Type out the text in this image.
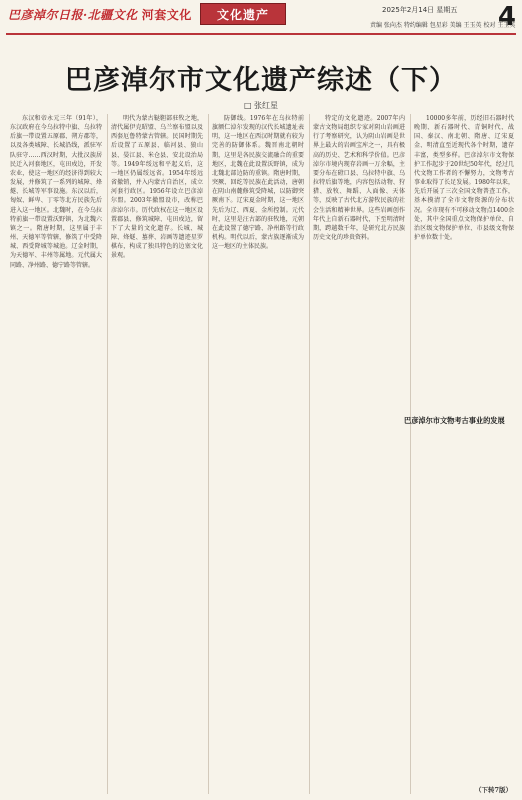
巴彦淖尔日报·北疆文化 河套文化	文化遗产	2025年2月14日 星期五
责编 张向杰 特约编辑 包星彩 美编 王玉英 校对 王玉英
4
巴彦淖尔市文化遗产综述（下）
□ 张红星

东汉和帝永元三年（91年），东汉政府在今乌拉特中旗、乌拉特后旗一带设置五原郡、朔方郡等，以及各类城障、长城沿线，派驻军队驻守……西汉时期，大批汉族居民迁入河套地区，屯田戍边，开发农业，使这一地区的经济得到较大发展，并修筑了一系列的城障、烽燧、长城等军事设施。东汉以后，匈奴、鲜卑、丁零等北方民族先后进入这一地区。北魏时，在今乌拉特前旗一带设置沃野镇，为北魏六镇之一。隋唐时期，这里属于丰州、天德军等管辖，修筑了中受降城、西受降城等城池。辽金时期，为天德军、丰州等属地。元代属大同路、净州路、德宁路等管辖。

明代为蒙古鞑靼部驻牧之地，清代属伊克昭盟、乌兰察布盟以及西套厄鲁特蒙古管辖。民国时期先后设置了五原县、临河县、狼山县、晏江县、米仓县、安北设治局等。1949年绥远和平起义后，这一地区仍属绥远省。1954年绥远省撤销，并入内蒙古自治区，成立河套行政区。1956年设立巴彦淖尔盟。2003年撤盟设市，改称巴彦淖尔市。历代政权在这一地区设置郡县、修筑城障、屯田戍边，留下了大量的文化遗存。长城、城障、烽燧、墓葬、岩画等遗迹星罗棋布，构成了独具特色的边塞文化景观。

防御线。1976年在乌拉特前旗额仁淖尔发现的汉代长城遗址表明，这一地区在西汉时期就有较为完善的防御体系。魏晋南北朝时期，这里是各民族交流融合的重要地区，北魏在此设置沃野镇，成为北魏北部边防的重镇。隋唐时期，突厥、回纥等民族在此活动，唐朝在阴山南麓修筑受降城，以防御突厥南下。辽宋夏金时期，这一地区先后为辽、西夏、金所控制。元代时，这里是汪古部的驻牧地，元朝在此设置了德宁路、净州路等行政机构。明代以后，蒙古族逐渐成为这一地区的主体民族。

特定的文化遗迹。2007年内蒙古文物局组织专家对阴山岩画进行了考察研究，认为阴山岩画是世界上最大的岩画宝库之一，具有极高的历史、艺术和科学价值。巴彦淖尔市境内现存岩画一万余幅，主要分布在磴口县、乌拉特中旗、乌拉特后旗等地，内容包括动物、狩猎、放牧、舞蹈、人面像、天体等，反映了古代北方游牧民族的社会生活和精神世界。这些岩画创作年代上自新石器时代，下至明清时期，跨越数千年，是研究北方民族历史文化的珍贵资料。

10000多年前，历经旧石器时代晚期、新石器时代、青铜时代、战国、秦汉、南北朝、隋唐、辽宋夏金、明清直至近现代各个时期，遗存丰富，类型多样。巴彦淖尔市文物保护工作起步于20世纪50年代，经过几代文物工作者的不懈努力，文物考古事业取得了长足发展。1980年以来，先后开展了三次全国文物普查工作，基本摸清了全市文物资源的分布状况。全市现有不可移动文物点1400余处，其中全国重点文物保护单位、自治区级文物保护单位、市县级文物保护单位数十处。

巴彦淖尔市文物考古事业的发展
（下转7版）
